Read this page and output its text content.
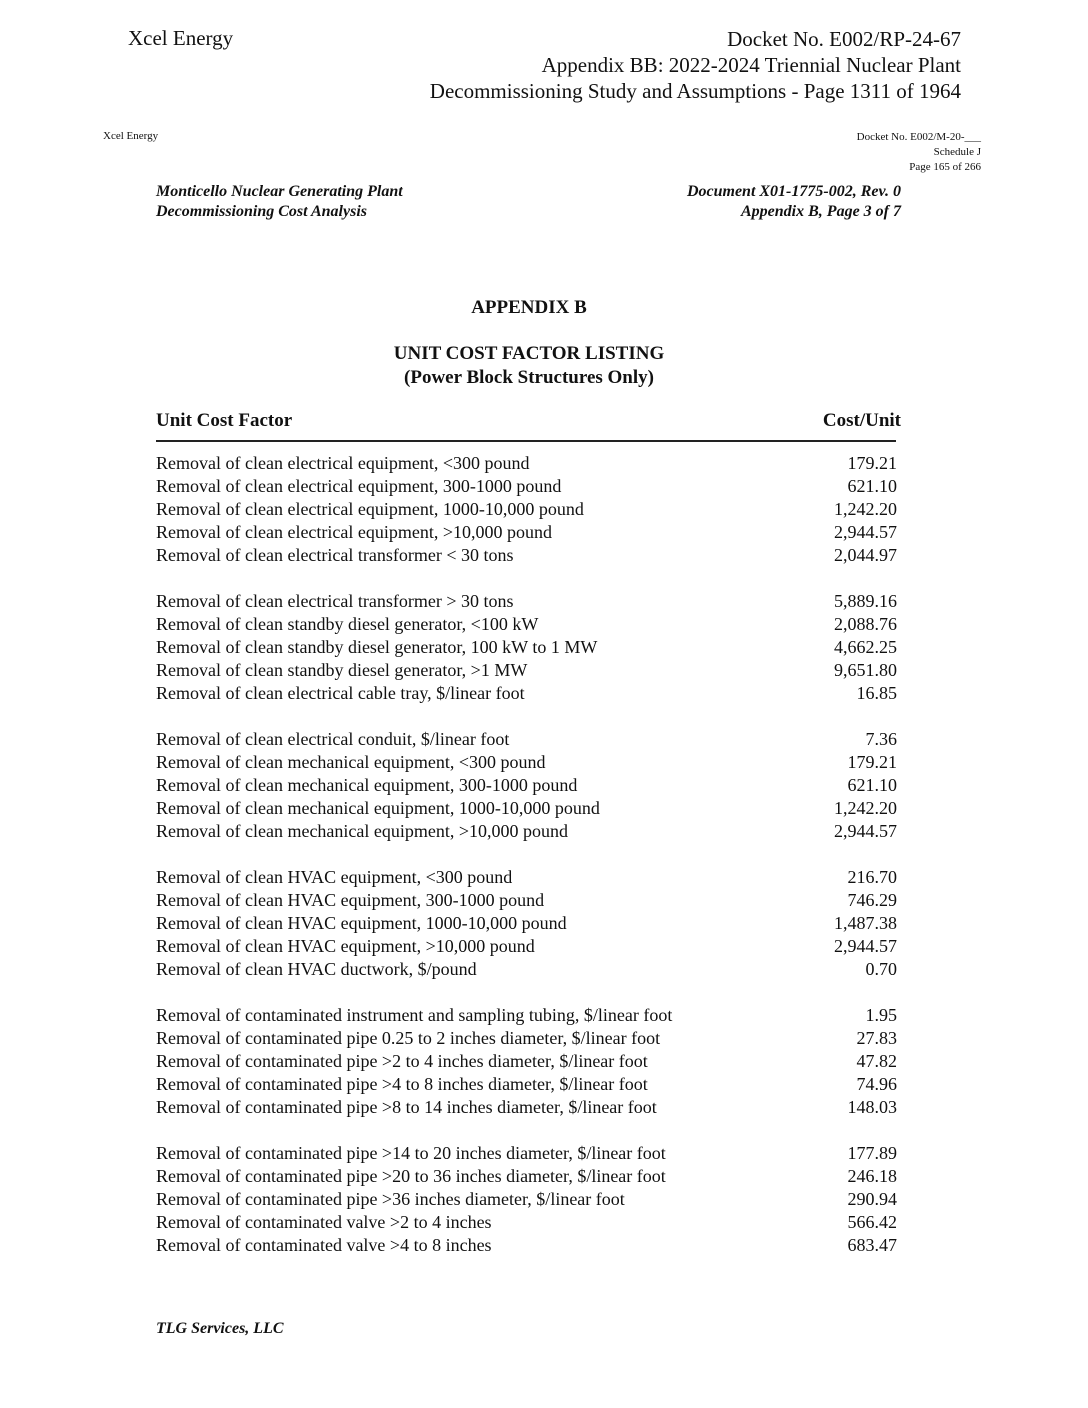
Xcel Energy	Docket No. E002/RP-24-67
Appendix BB: 2022-2024 Triennial Nuclear Plant
Decommissioning Study and Assumptions - Page 1311 of 1964
Xcel Energy	Docket No. E002/M-20-___
Schedule J
Page 165 of 266
Monticello Nuclear Generating Plant
Decommissioning Cost Analysis
Document X01-1775-002, Rev. 0
Appendix B, Page 3 of 7
APPENDIX B
UNIT COST FACTOR LISTING
(Power Block Structures Only)
Unit Cost Factor	Cost/Unit
Removal of clean electrical equipment, <300 pound	179.21
Removal of clean electrical equipment, 300-1000 pound	621.10
Removal of clean electrical equipment, 1000-10,000 pound	1,242.20
Removal of clean electrical equipment, >10,000 pound	2,944.57
Removal of clean electrical transformer < 30 tons	2,044.97
Removal of clean electrical transformer > 30 tons	5,889.16
Removal of clean standby diesel generator, <100 kW	2,088.76
Removal of clean standby diesel generator, 100 kW to 1 MW	4,662.25
Removal of clean standby diesel generator, >1 MW	9,651.80
Removal of clean electrical cable tray, $/linear foot	16.85
Removal of clean electrical conduit, $/linear foot	7.36
Removal of clean mechanical equipment, <300 pound	179.21
Removal of clean mechanical equipment, 300-1000 pound	621.10
Removal of clean mechanical equipment, 1000-10,000 pound	1,242.20
Removal of clean mechanical equipment, >10,000 pound	2,944.57
Removal of clean HVAC equipment, <300 pound	216.70
Removal of clean HVAC equipment, 300-1000 pound	746.29
Removal of clean HVAC equipment, 1000-10,000 pound	1,487.38
Removal of clean HVAC equipment, >10,000 pound	2,944.57
Removal of clean HVAC ductwork, $/pound	0.70
Removal of contaminated instrument and sampling tubing, $/linear foot	1.95
Removal of contaminated pipe 0.25 to 2 inches diameter, $/linear foot	27.83
Removal of contaminated pipe >2 to 4 inches diameter, $/linear foot	47.82
Removal of contaminated pipe >4 to 8 inches diameter, $/linear foot	74.96
Removal of contaminated pipe >8 to 14 inches diameter, $/linear foot	148.03
Removal of contaminated pipe >14 to 20 inches diameter, $/linear foot	177.89
Removal of contaminated pipe >20 to 36 inches diameter, $/linear foot	246.18
Removal of contaminated pipe >36 inches diameter, $/linear foot	290.94
Removal of contaminated valve >2 to 4 inches	566.42
Removal of contaminated valve >4 to 8 inches	683.47
TLG Services, LLC
